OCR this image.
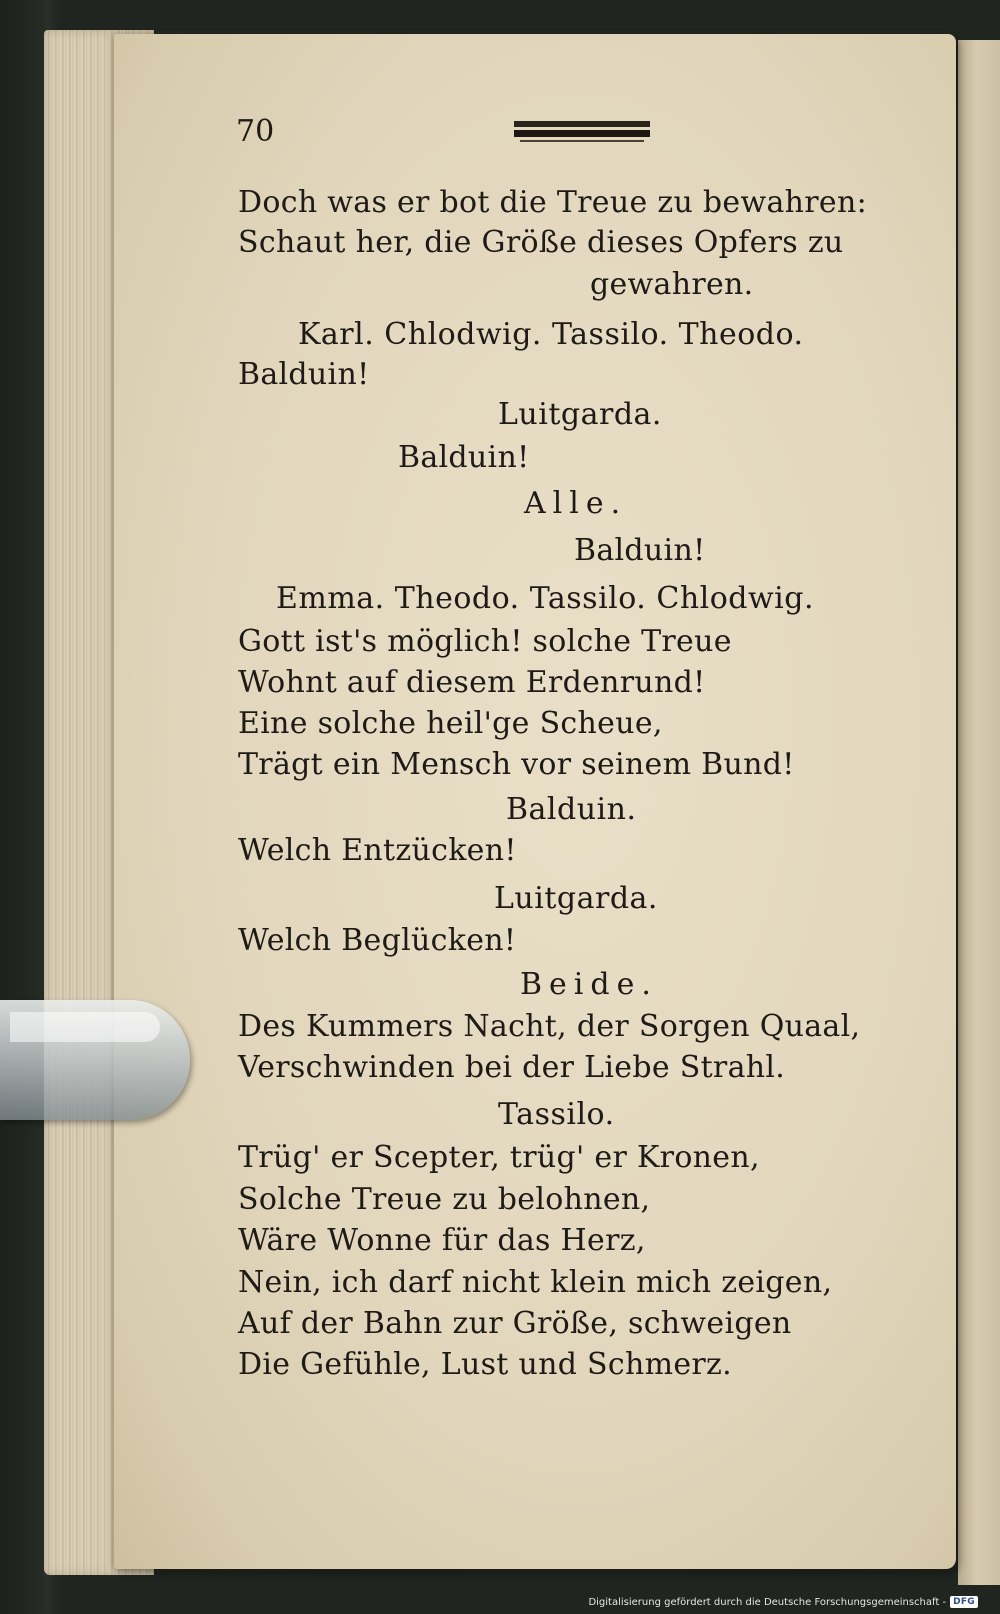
70
Doch was er bot die Treue zu bewahren:
Schaut her, die Größe dieses Opfers zu
gewahren.
Karl. Chlodwig. Tassilo. Theodo.
Balduin!
Luitgarda.
Balduin!
Alle.
Balduin!
Emma. Theodo. Tassilo. Chlodwig.
Gott ist's möglich! solche Treue
Wohnt auf diesem Erdenrund!
Eine solche heil'ge Scheue,
Trägt ein Mensch vor seinem Bund!
Balduin.
Welch Entzücken!
Luitgarda.
Welch Beglücken!
Beide.
Des Kummers Nacht, der Sorgen Quaal,
Verschwinden bei der Liebe Strahl.
Tassilo.
Trüg' er Scepter, trüg' er Kronen,
Solche Treue zu belohnen,
Wäre Wonne für das Herz,
Nein, ich darf nicht klein mich zeigen,
Auf der Bahn zur Größe, schweigen
Die Gefühle, Lust und Schmerz.
Digitalisierung gefördert durch die Deutsche Forschungsgemeinschaft - DFG
